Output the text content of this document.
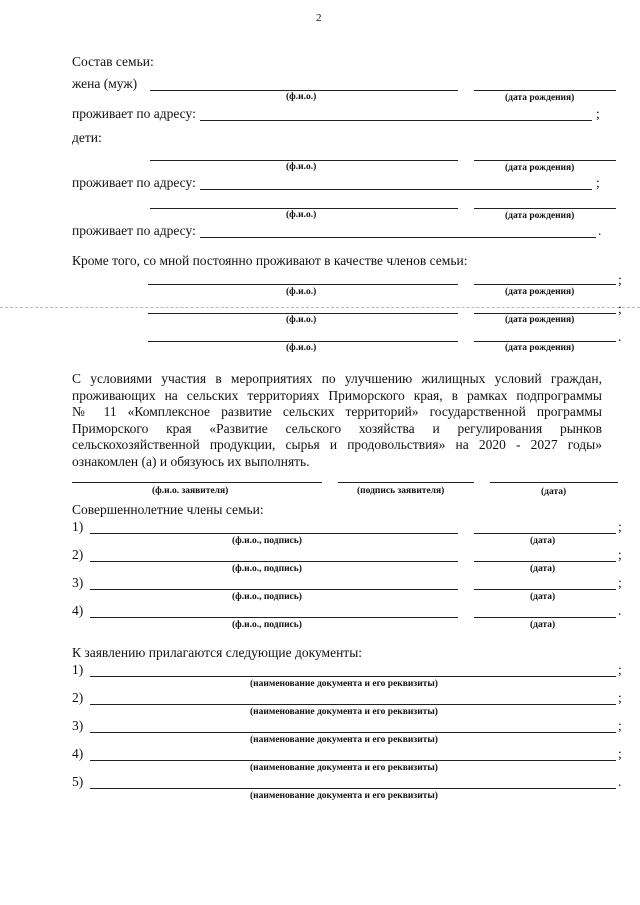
2
Состав семьи:
жена (муж)
(ф.и.о.)	(дата рождения)
проживает по адресу:	;
дети:
(ф.и.о.)	(дата рождения)
проживает по адресу:	;
(ф.и.о.)	(дата рождения)
проживает по адресу:	.
Кроме того, со мной постоянно проживают в качестве членов семьи:
;
(ф.и.о.)	(дата рождения)
;
(ф.и.о.)	(дата рождения)
.
(ф.и.о.)	(дата рождения)
С условиями участия в мероприятиях по улучшению жилищных условий граждан,
проживающих на сельских территориях Приморского края, в рамках подпрограммы
№ 11 «Комплексное развитие сельских территорий» государственной программы
Приморского края «Развитие сельского хозяйства и регулирования рынков
сельскохозяйственной продукции, сырья и продовольствия» на 2020 - 2027 годы»
ознакомлен (а) и обязуюсь их выполнять.
(ф.и.о. заявителя)	(подпись заявителя)	(дата)
Совершеннолетние члены семьи:
1)	;
(ф.и.о., подпись)	(дата)
2)	;
(ф.и.о., подпись)	(дата)
3)	;
(ф.и.о., подпись)	(дата)
4)	.
(ф.и.о., подпись)	(дата)
К заявлению прилагаются следующие документы:
1)	;
(наименование документа и его реквизиты)
2)	;
(наименование документа и его реквизиты)
3)	;
(наименование документа и его реквизиты)
4)	;
(наименование документа и его реквизиты)
5)	.
(наименование документа и его реквизиты)
